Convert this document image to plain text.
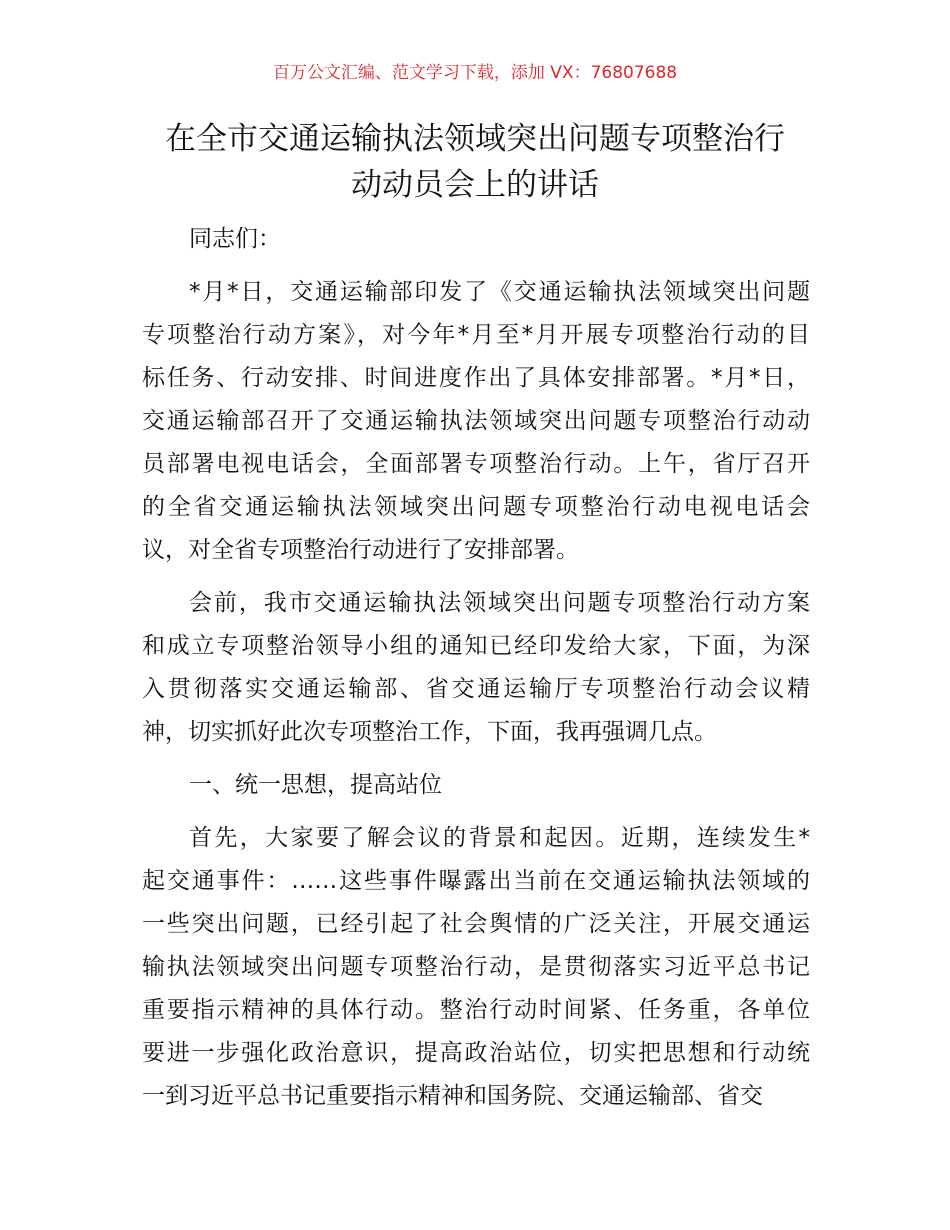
百万公文汇编、范文学习下载，添加 VX：76807688
在全市交通运输执法领域突出问题专项整治行
动动员会上的讲话
同志们：
*月*日，交通运输部印发了《交通运输执法领域突出问题
专项整治行动方案》，对今年*月至*月开展专项整治行动的目
标任务、行动安排、时间进度作出了具体安排部署。*月*日，
交通运输部召开了交通运输执法领域突出问题专项整治行动动
员部署电视电话会，全面部署专项整治行动。上午，省厅召开
的全省交通运输执法领域突出问题专项整治行动电视电话会
议，对全省专项整治行动进行了安排部署。
会前，我市交通运输执法领域突出问题专项整治行动方案
和成立专项整治领导小组的通知已经印发给大家，下面，为深
入贯彻落实交通运输部、省交通运输厅专项整治行动会议精
神，切实抓好此次专项整治工作，下面，我再强调几点。
一、统一思想，提高站位
首先，大家要了解会议的背景和起因。近期，连续发生*
起交通事件：……这些事件曝露出当前在交通运输执法领域的
一些突出问题，已经引起了社会舆情的广泛关注，开展交通运
输执法领域突出问题专项整治行动，是贯彻落实习近平总书记
重要指示精神的具体行动。整治行动时间紧、任务重，各单位
要进一步强化政治意识，提高政治站位，切实把思想和行动统
一到习近平总书记重要指示精神和国务院、交通运输部、省交
